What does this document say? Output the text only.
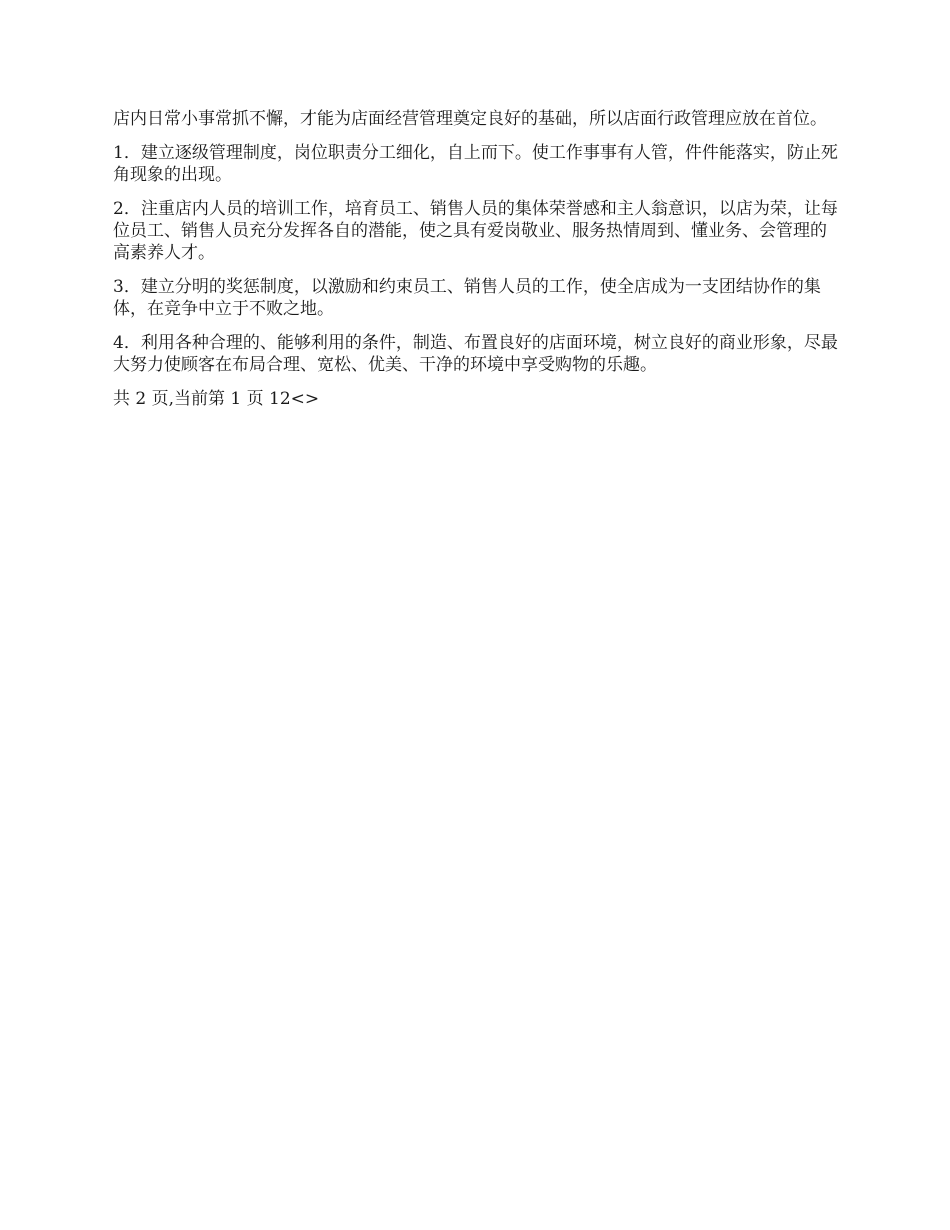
店内日常小事常抓不懈，才能为店面经营管理奠定良好的基础，所以店面行政管理应放在首位。

1．建立逐级管理制度，岗位职责分工细化，自上而下。使工作事事有人管，件件能落实，防止死角现象的出现。

2．注重店内人员的培训工作，培育员工、销售人员的集体荣誉感和主人翁意识，以店为荣，让每位员工、销售人员充分发挥各自的潜能，使之具有爱岗敬业、服务热情周到、懂业务、会管理的高素养人才。

3．建立分明的奖惩制度，以激励和约束员工、销售人员的工作，使全店成为一支团结协作的集体，在竞争中立于不败之地。

4．利用各种合理的、能够利用的条件，制造、布置良好的店面环境，树立良好的商业形象，尽最大努力使顾客在布局合理、宽松、优美、干净的环境中享受购物的乐趣。

共 2 页,当前第 1 页 12<>
